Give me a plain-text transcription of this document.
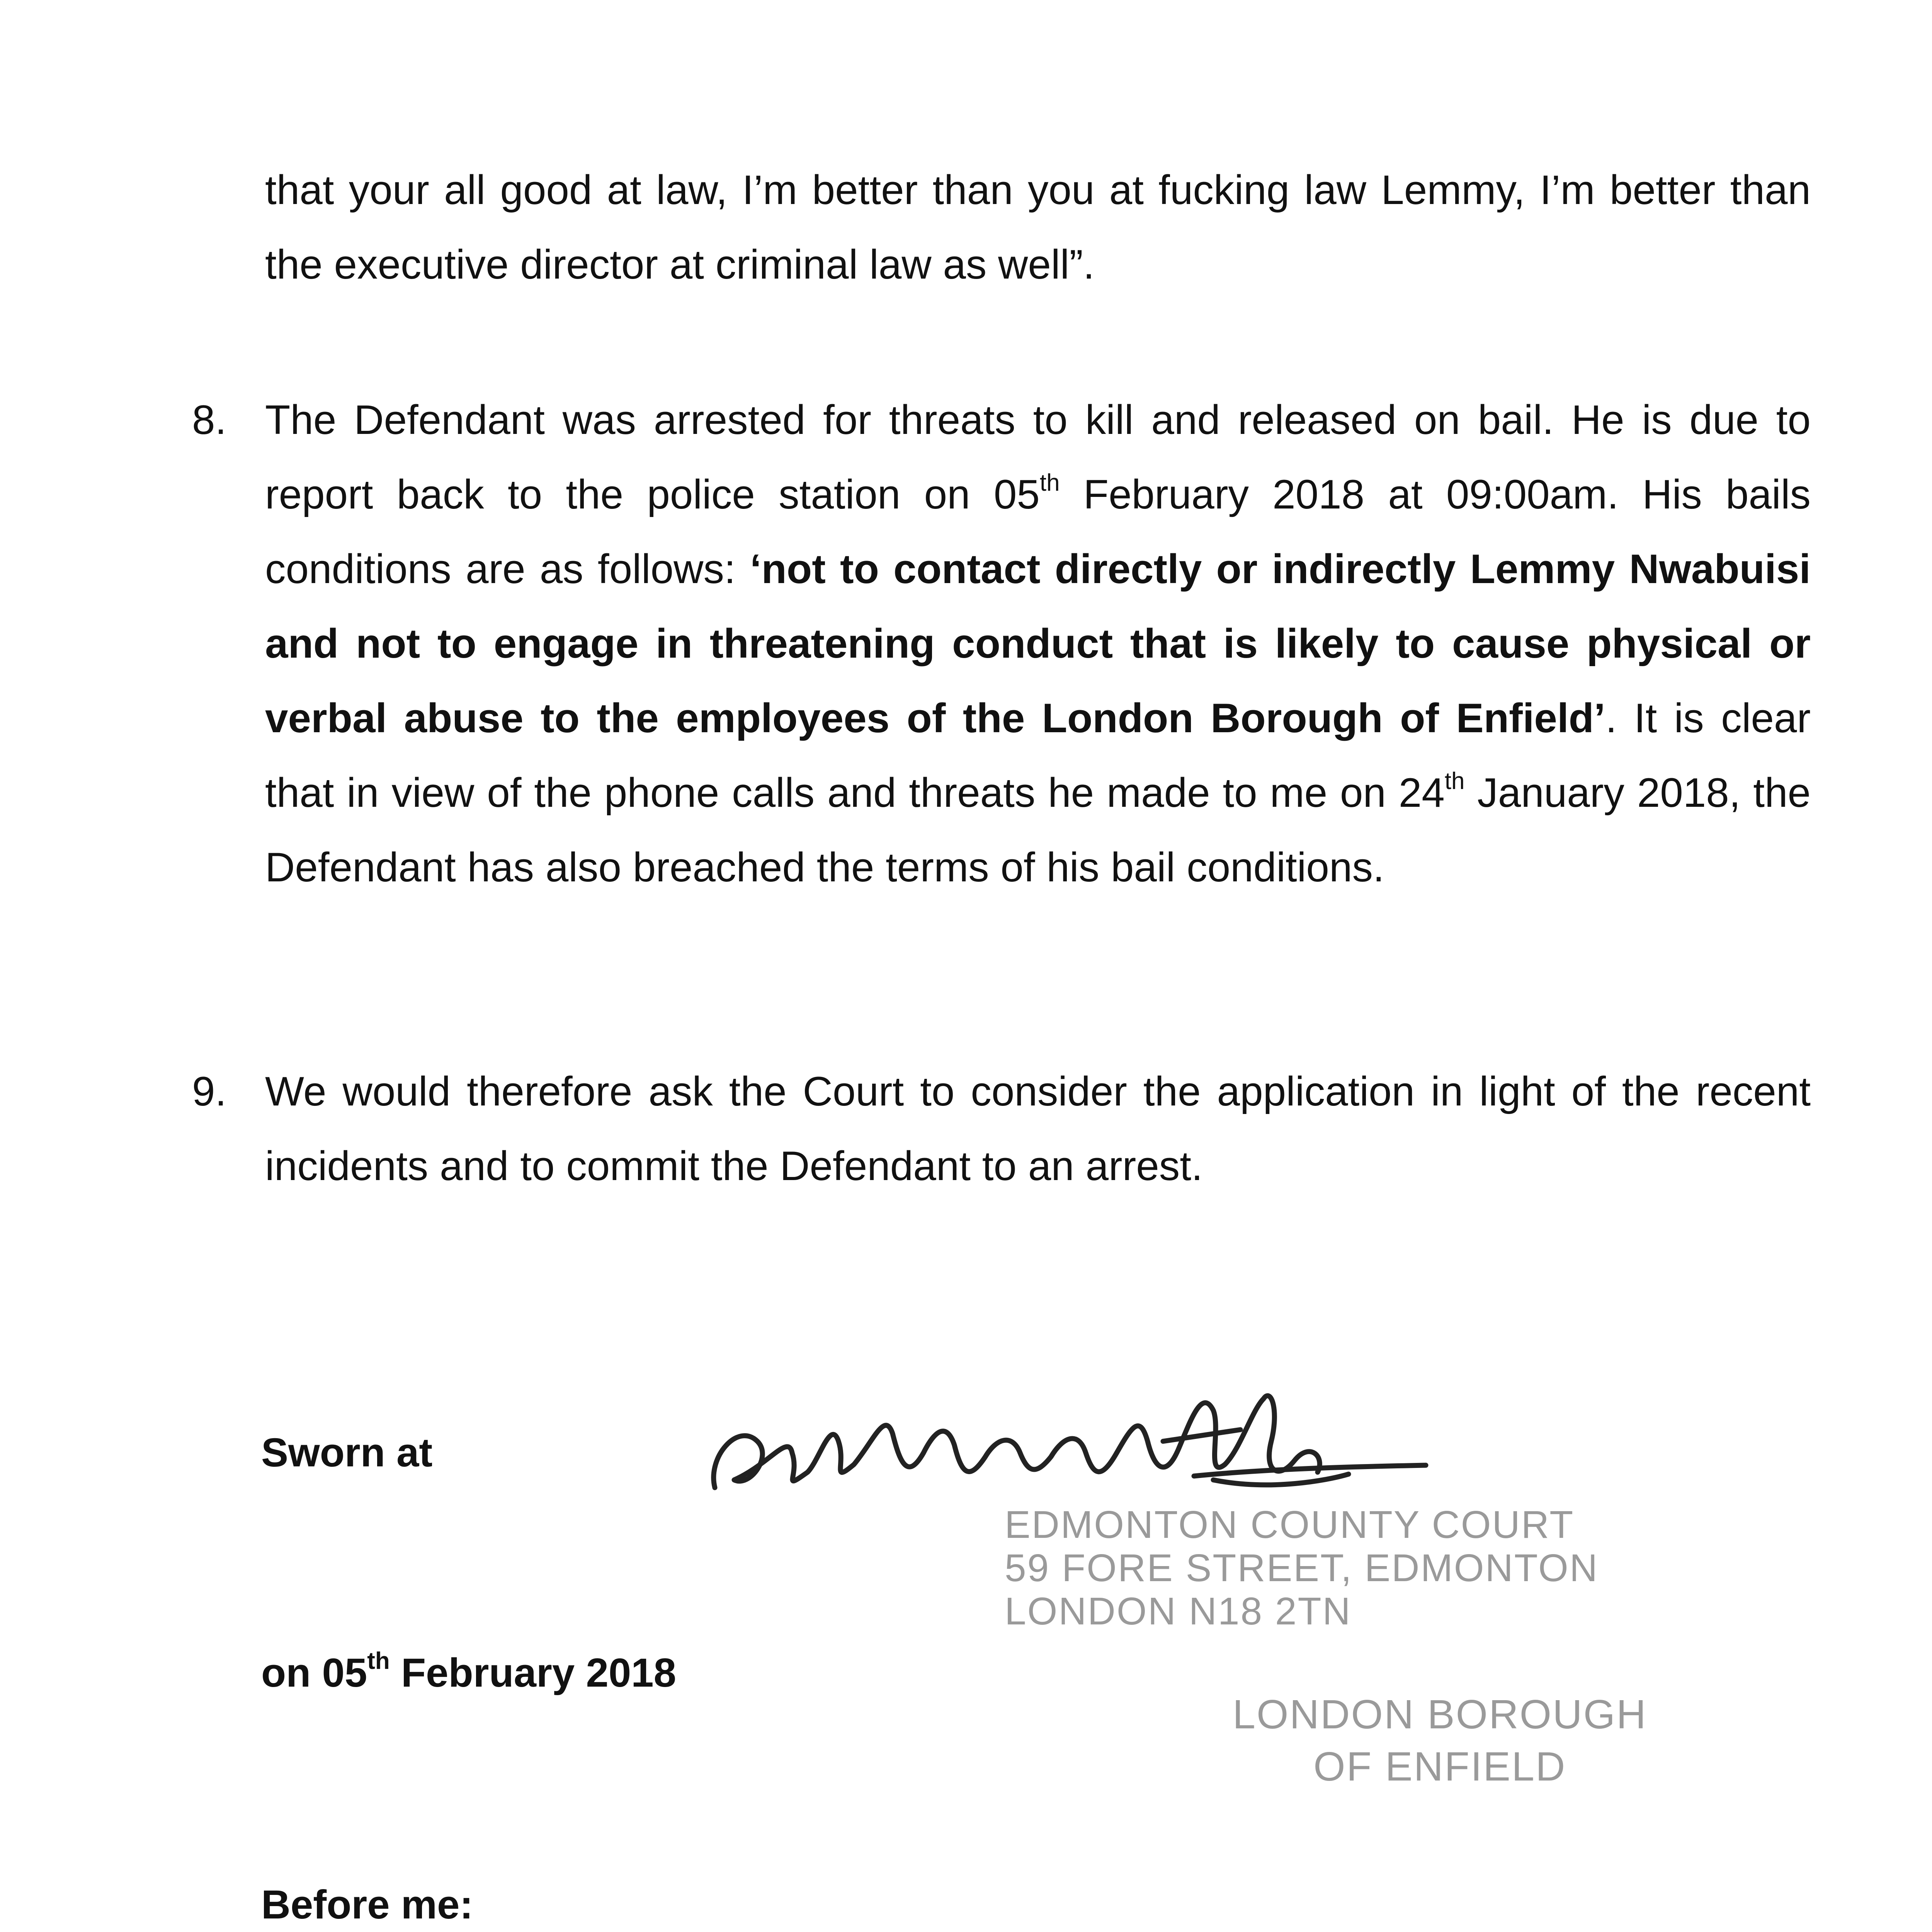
that your all good at law, I’m better than you at fucking law Lemmy, I’m better than the executive director at criminal law as well”.
8. The Defendant was arrested for threats to kill and released on bail. He is due to report back to the police station on 05th February 2018 at 09:00am. His bails conditions are as follows: ‘not to contact directly or indirectly Lemmy Nwabuisi and not to engage in threatening conduct that is likely to cause physical or verbal abuse to the employees of the London Borough of Enfield’. It is clear that in view of the phone calls and threats he made to me on 24th January 2018, the Defendant has also breached the terms of his bail conditions.
9. We would therefore ask the Court to consider the application in light of the recent incidents and to commit the Defendant to an arrest.
Sworn at
EDMONTON COUNTY COURT
59 FORE STREET, EDMONTON
LONDON N18 2TN
on 05th February 2018
LONDON BOROUGH
OF ENFIELD
Before me:
